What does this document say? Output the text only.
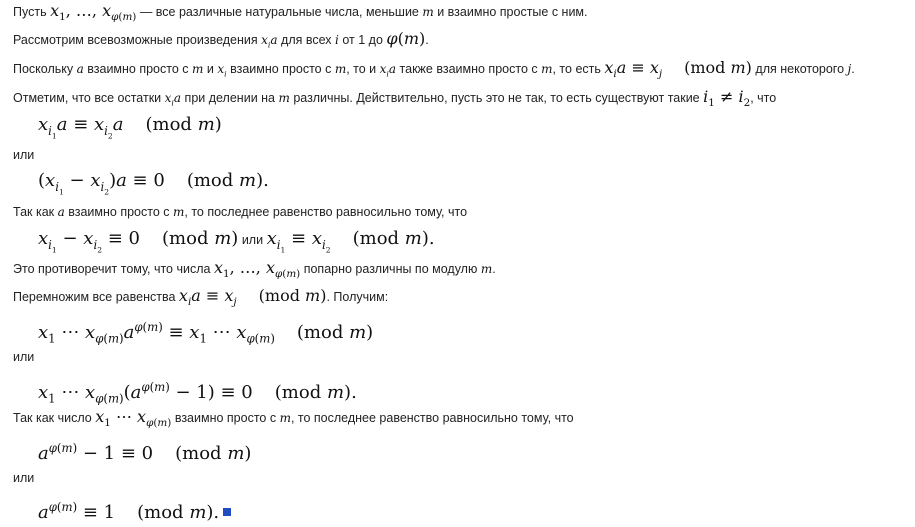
Пусть $x_1$, …, $x_{\varphi(m)}$ — все различные натуральные числа, меньшие m и взаимно простые с ним.
Рассмотрим всевозможные произведения $x_ia$ для всех i от 1 до φ(m).
Поскольку a взаимно просто с m и $x_i$ взаимно просто с m, то и $x_ia$ также взаимно просто с m, то есть $x_ia \equiv x_j$ (mod m) для некоторого j.
Отметим, что все остатки $x_ia$ при делении на m различны. Действительно, пусть это не так, то есть существуют такие $i_1 \ne i_2$, что
$x_{i_1}a \equiv x_{i_2}a$ (mod m)
или
$(x_{i_1} - x_{i_2})a \equiv 0$ (mod m).
Так как a взаимно просто с m, то последнее равенство равносильно тому, что
$x_{i_1} - x_{i_2} \equiv 0$ (mod m) или $x_{i_1} \equiv x_{i_2}(mod$ m).
Это противоречит тому, что числа $x_1$, …, $x_{\varphi(m)}$ попарно различны по модулю m.
Перемножим все равенства $x_ia \equiv x_j$ (mod m). Получим:
$x_1$ ⋯ $x_{\varphi(m)}a^{\varphi(m)} \equiv x_1$ ⋯ $x_{\varphi(m)}$ (mod m)
или
$x_1$ ⋯ $x_{\varphi(m)}(a^{\varphi(m)} - 1) \equiv 0$ (mod m).
Так как число $x_1$ ⋯ $x_{\varphi(m)}$ взаимно просто с m, то последнее равенство равносильно тому, что
$a^{\varphi(m)} - 1 \equiv 0$ (mod m)
или
$a^{\varphi(m)} \equiv 1$ (mod m).
